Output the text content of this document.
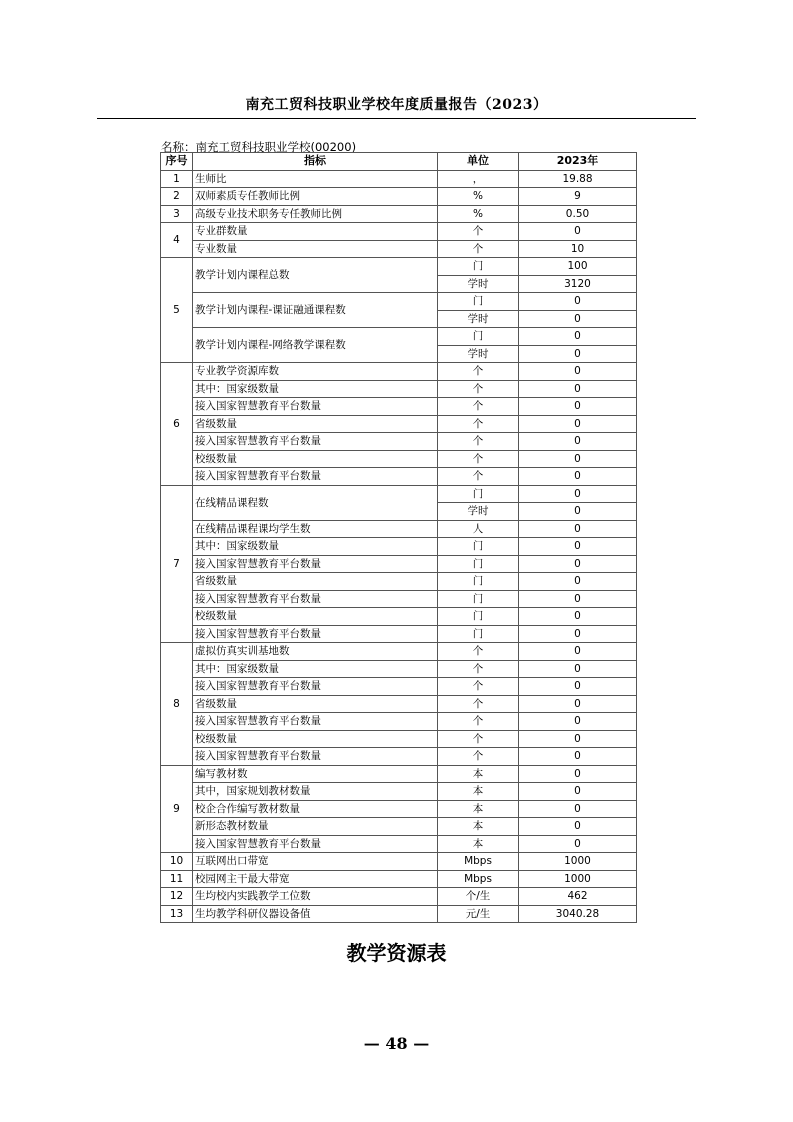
南充工贸科技职业学校年度质量报告（2023）
名称：南充工贸科技职业学校(00200)
序号	指标	单位	2023年
1	生师比	，	19.88
2	双师素质专任教师比例	%	9
3	高级专业技术职务专任教师比例	%	0.50
4	专业群数量	个	0
	专业数量	个	10
5	教学计划内课程总数	门	100
		学时	3120
	教学计划内课程-课证融通课程数	门	0
		学时	0
	教学计划内课程-网络教学课程数	门	0
		学时	0
6	专业教学资源库数	个	0
	其中：国家级数量	个	0
	接入国家智慧教育平台数量	个	0
	省级数量	个	0
	接入国家智慧教育平台数量	个	0
	校级数量	个	0
	接入国家智慧教育平台数量	个	0
7	在线精品课程数	门	0
		学时	0
	在线精品课程课均学生数	人	0
	其中：国家级数量	门	0
	接入国家智慧教育平台数量	门	0
	省级数量	门	0
	接入国家智慧教育平台数量	门	0
	校级数量	门	0
	接入国家智慧教育平台数量	门	0
8	虚拟仿真实训基地数	个	0
	其中：国家级数量	个	0
	接入国家智慧教育平台数量	个	0
	省级数量	个	0
	接入国家智慧教育平台数量	个	0
	校级数量	个	0
	接入国家智慧教育平台数量	个	0
9	编写教材数	本	0
	其中，国家规划教材数量	本	0
	校企合作编写教材数量	本	0
	新形态教材数量	本	0
	接入国家智慧教育平台数量	本	0
10	互联网出口带宽	Mbps	1000
11	校园网主干最大带宽	Mbps	1000
12	生均校内实践教学工位数	个/生	462
13	生均教学科研仪器设备值	元/生	3040.28
教学资源表
— 48 —
